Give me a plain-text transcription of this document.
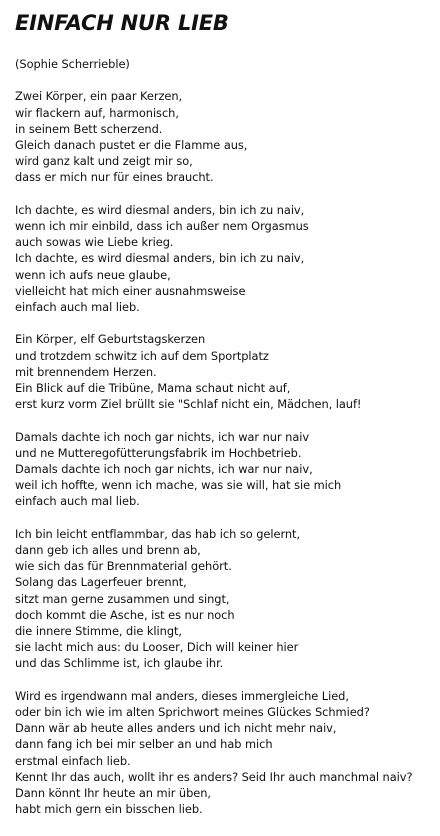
EINFACH NUR LIEB
(Sophie Scherrieble)
Zwei Körper, ein paar Kerzen,
wir flackern auf, harmonisch,
in seinem Bett scherzend.
Gleich danach pustet er die Flamme aus,
wird ganz kalt und zeigt mir so,
dass er mich nur für eines braucht.
Ich dachte, es wird diesmal anders, bin ich zu naiv,
wenn ich mir einbild, dass ich außer nem Orgasmus
auch sowas wie Liebe krieg.
Ich dachte, es wird diesmal anders, bin ich zu naiv,
wenn ich aufs neue glaube,
vielleicht hat mich einer ausnahmsweise
einfach auch mal lieb.
Ein Körper, elf Geburtstagskerzen
und trotzdem schwitz ich auf dem Sportplatz
mit brennendem Herzen.
Ein Blick auf die Tribüne, Mama schaut nicht auf,
erst kurz vorm Ziel brüllt sie "Schlaf nicht ein, Mädchen, lauf!
Damals dachte ich noch gar nichts, ich war nur naiv
und ne Mutteregofütterungsfabrik im Hochbetrieb.
Damals dachte ich noch gar nichts, ich war nur naiv,
weil ich hoffte, wenn ich mache, was sie will, hat sie mich
einfach auch mal lieb.
Ich bin leicht entflammbar, das hab ich so gelernt,
dann geb ich alles und brenn ab,
wie sich das für Brennmaterial gehört.
Solang das Lagerfeuer brennt,
sitzt man gerne zusammen und singt,
doch kommt die Asche, ist es nur noch
die innere Stimme, die klingt,
sie lacht mich aus: du Looser, Dich will keiner hier
und das Schlimme ist, ich glaube ihr.
Wird es irgendwann mal anders, dieses immergleiche Lied,
oder bin ich wie im alten Sprichwort meines Glückes Schmied?
Dann wär ab heute alles anders und ich nicht mehr naiv,
dann fang ich bei mir selber an und hab mich
erstmal einfach lieb.
Kennt Ihr das auch, wollt ihr es anders? Seid Ihr auch manchmal naiv?
Dann könnt Ihr heute an mir üben,
habt mich gern ein bisschen lieb.
